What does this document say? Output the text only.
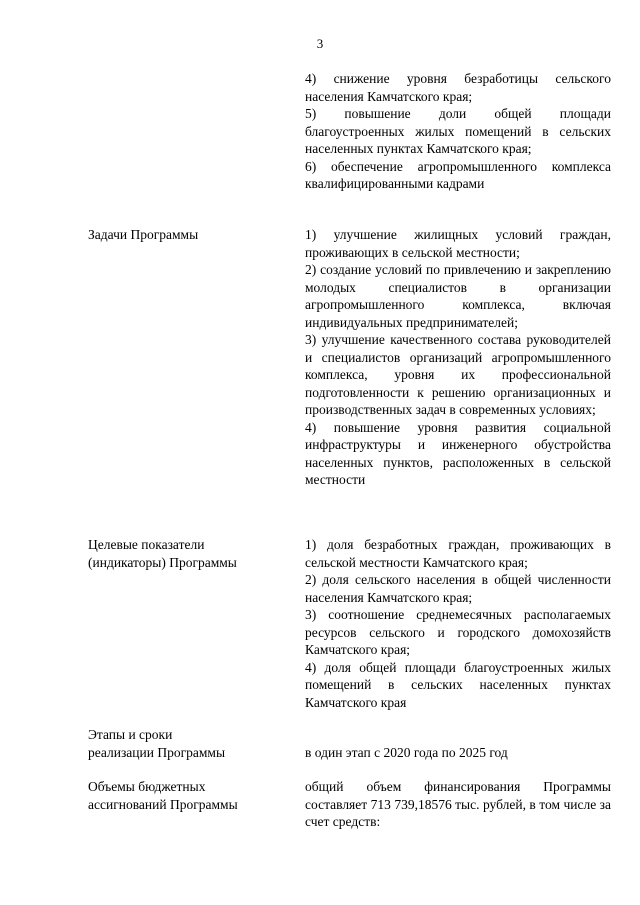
3

4) снижение уровня безработицы сельского населения Камчатского края;

5) повышение доли общей площади благоустроенных жилых помещений в сельских населенных пунктах Камчатского края;

6) обеспечение агропромышленного комплекса квалифицированными кадрами

Задачи Программы	1) улучшение жилищных условий граждан, проживающих в сельской местности;

2) создание условий по привлечению и закреплению молодых специалистов в организации агропромышленного комплекса, включая индивидуальных предпринимателей;

3) улучшение качественного состава руководителей и специалистов организаций агропромышленного комплекса, уровня их профессиональной подготовленности к решению организационных и производственных задач в современных условиях;

4) повышение уровня развития социальной инфраструктуры и инженерного обустройства населенных пунктов, расположенных в сельской местности

Целевые показатели
(индикаторы) Программы

1) доля безработных граждан, проживающих в сельской местности Камчатского края;

2) доля сельского населения в общей численности населения Камчатского края;

3) соотношение среднемесячных располагаемых ресурсов сельского и городского домохозяйств Камчатского края;

4) доля общей площади благоустроенных жилых помещений в сельских населенных пунктах Камчатского края

Этапы и сроки
реализации Программы	в один этап с 2020 года по 2025 год

Объемы бюджетных
ассигнований Программы

общий объем финансирования Программы составляет 713 739,18576 тыс. рублей, в том числе за счет средств:
